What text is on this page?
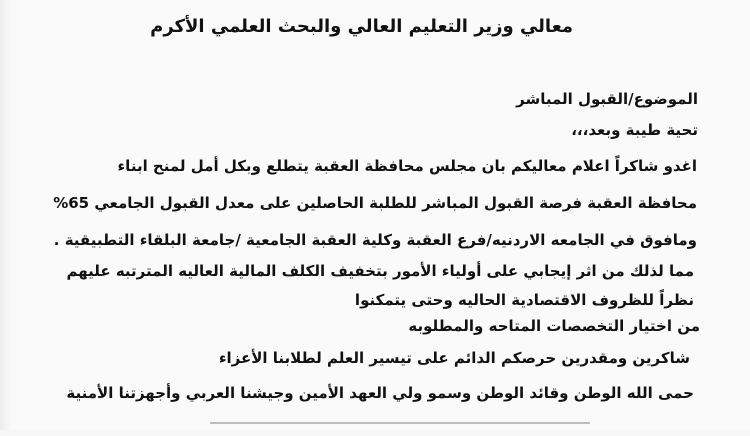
معالي وزير التعليم العالي والبحث العلمي الأكرم
الموضوع/القبول المباشر
تحية طيبة وبعد،،،
اغدو شاكراً اعلام معاليكم بان مجلس محافظة العقبة يتطلع وبكل أمل لمنح ابناء
محافظة العقبة فرصة القبول المباشر للطلبة الحاصلين على معدل القبول الجامعي 65%
ومافوق في الجامعه الاردنيه/فرع العقبة وكلية العقبة الجامعية /جامعة البلقاء التطبيقية .
مما لذلك من اثر إيجابي على أولياء الأمور بتخفيف الكلف المالية العاليه المترتبه عليهم
نظراً للظروف الاقتصادية الحاليه وحتى يتمكنوا
من اختيار التخصصات المتاحه والمطلوبه
شاكرين ومقدرين حرصكم الدائم على تيسير العلم لطلابنا الأعزاء
حمى الله الوطن وقائد الوطن وسمو ولي العهد الأمين وجيشنا العربي وأجهزتنا الأمنية
